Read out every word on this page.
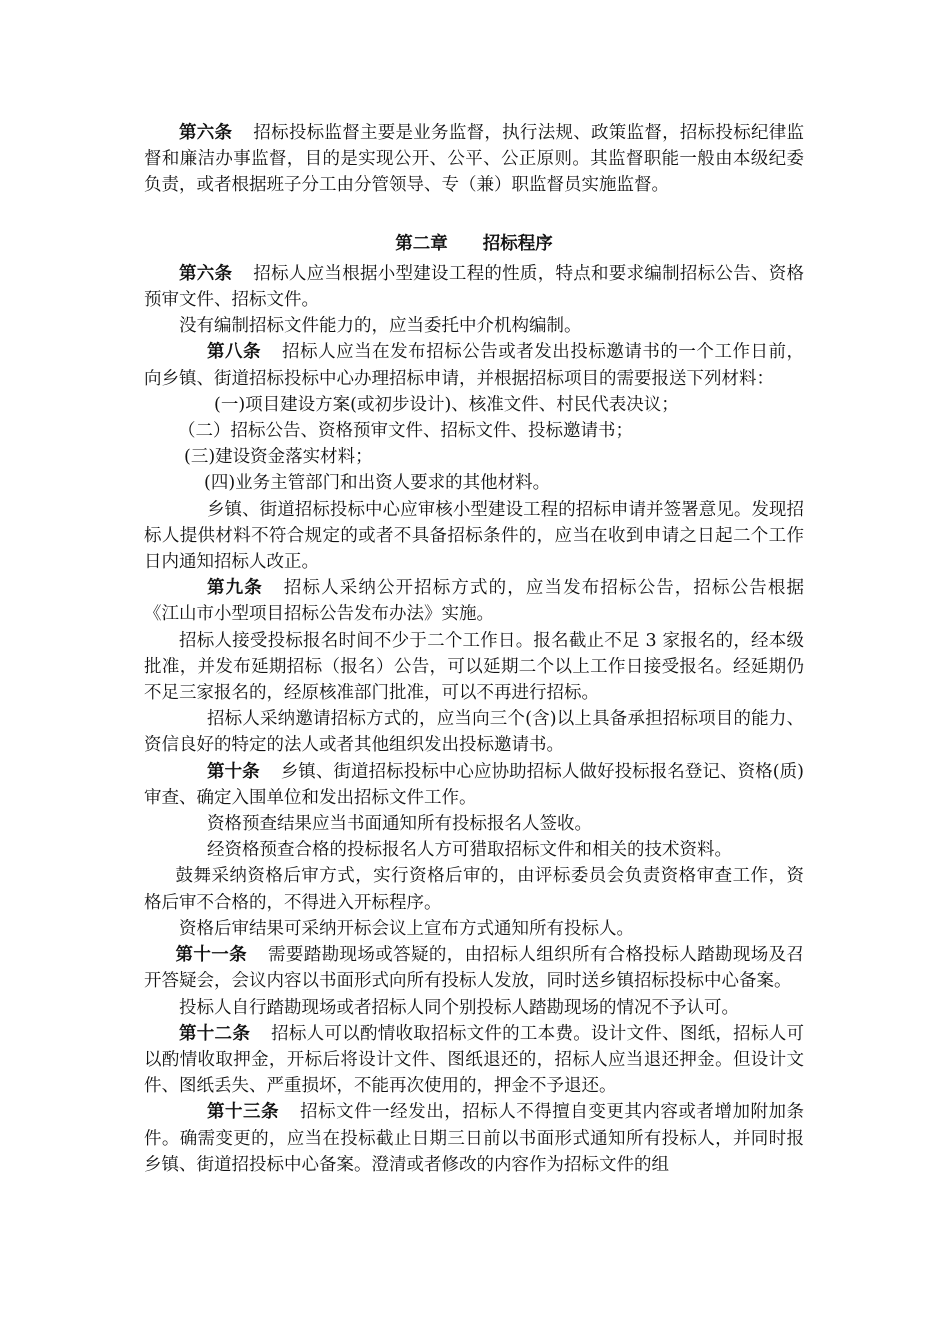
第六条 招标投标监督主要是业务监督，执行法规、政策监督，招标投标纪律监督和廉洁办事监督，目的是实现公开、公平、公正原则。其监督职能一般由本级纪委负责，或者根据班子分工由分管领导、专（兼）职监督员实施监督。

第二章 招标程序

第六条 招标人应当根据小型建设工程的性质，特点和要求编制招标公告、资格预审文件、招标文件。

没有编制招标文件能力的，应当委托中介机构编制。

第八条 招标人应当在发布招标公告或者发出投标邀请书的一个工作日前，向乡镇、街道招标投标中心办理招标申请，并根据招标项目的需要报送下列材料：

(一)项目建设方案(或初步设计)、核准文件、村民代表决议；

（二）招标公告、资格预审文件、招标文件、投标邀请书；

(三)建设资金落实材料；

(四)业务主管部门和出资人要求的其他材料。

乡镇、街道招标投标中心应审核小型建设工程的招标申请并签署意见。发现招标人提供材料不符合规定的或者不具备招标条件的，应当在收到申请之日起二个工作日内通知招标人改正。

第九条 招标人采纳公开招标方式的，应当发布招标公告，招标公告根据《江山市小型项目招标公告发布办法》实施。

招标人接受投标报名时间不少于二个工作日。报名截止不足 3 家报名的，经本级批准，并发布延期招标（报名）公告，可以延期二个以上工作日接受报名。经延期仍不足三家报名的，经原核准部门批准，可以不再进行招标。

招标人采纳邀请招标方式的，应当向三个(含)以上具备承担招标项目的能力、资信良好的特定的法人或者其他组织发出投标邀请书。

第十条 乡镇、街道招标投标中心应协助招标人做好投标报名登记、资格(质)审查、确定入围单位和发出招标文件工作。

资格预查结果应当书面通知所有投标报名人签收。

经资格预查合格的投标报名人方可猎取招标文件和相关的技术资料。

鼓舞采纳资格后审方式，实行资格后审的，由评标委员会负责资格审查工作，资格后审不合格的，不得进入开标程序。

资格后审结果可采纳开标会议上宣布方式通知所有投标人。

第十一条 需要踏勘现场或答疑的，由招标人组织所有合格投标人踏勘现场及召开答疑会，会议内容以书面形式向所有投标人发放，同时送乡镇招标投标中心备案。

投标人自行踏勘现场或者招标人同个别投标人踏勘现场的情况不予认可。

第十二条 招标人可以酌情收取招标文件的工本费。设计文件、图纸，招标人可以酌情收取押金，开标后将设计文件、图纸退还的，招标人应当退还押金。但设计文件、图纸丢失、严重损坏，不能再次使用的，押金不予退还。

第十三条 招标文件一经发出，招标人不得擅自变更其内容或者增加附加条件。确需变更的，应当在投标截止日期三日前以书面形式通知所有投标人，并同时报乡镇、街道招投标中心备案。澄清或者修改的内容作为招标文件的组
